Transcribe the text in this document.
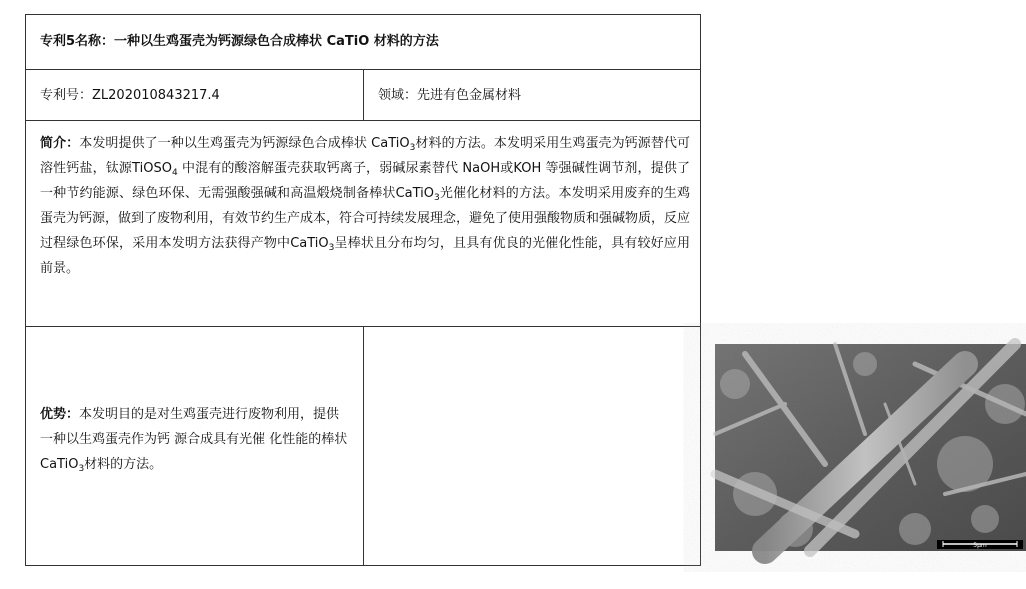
专利5名称：一种以生鸡蛋壳为钙源绿色合成棒状 CaTiO 材料的方法
专利号：ZL202010843217.4	领域：先进有色金属材料
简介：本发明提供了一种以生鸡蛋壳为钙源绿色合成棒状 CaTiO$_3$材料的方法。本发明采用生鸡蛋壳为钙源替代可溶性钙盐，钛源TiOSO$_4$ 中混有的酸溶解蛋壳获取钙离子，弱碱尿素替代 NaOH或KOH 等强碱性调节剂，提供了一种节约能源、绿色环保、无需强酸强碱和高温煅烧制备棒状CaTiO$_3$光催化材料的方法。本发明采用废弃的生鸡蛋壳为钙源，做到了废物利用，有效节约生产成本，符合可持续发展理念，避免了使用强酸物质和强碱物质，反应过程绿色环保，采用本发明方法获得产物中CaTiO$_3$呈棒状且分布均匀，且具有优良的光催化性能，具有较好应用前景。
优势：本发明目的是对生鸡蛋壳进行废物利用，提供一种以生鸡蛋壳作为钙 源合成具有光催 化性能的棒状 CaTiO$_3$材料的方法。
5μm
